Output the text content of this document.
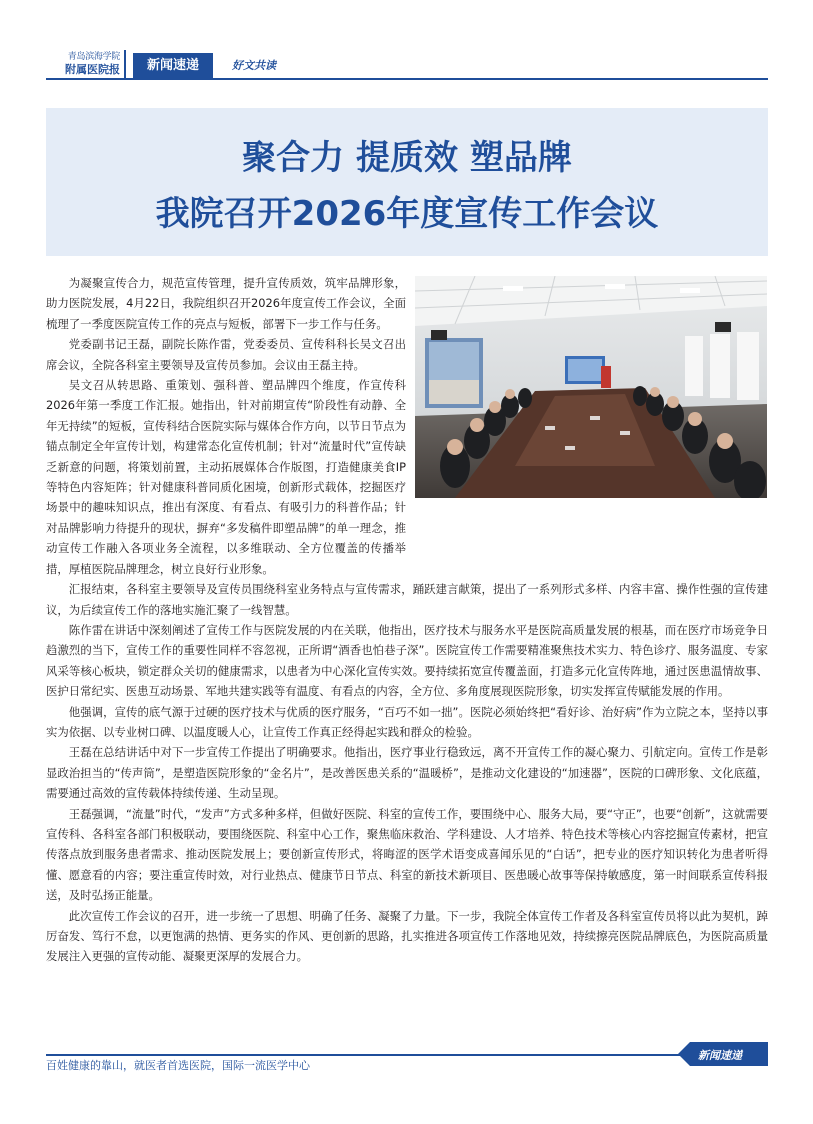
青岛滨海学院
附属医院报	新闻速递	好文共读
聚合力 提质效 塑品牌
我院召开2026年度宣传工作会议

为凝聚宣传合力，规范宣传管理，提升宣传质效，筑牢品牌形象，助力医院发展，4月22日，我院组织召开2026年度宣传工作会议，全面梳理了一季度医院宣传工作的亮点与短板，部署下一步工作与任务。

党委副书记王磊，副院长陈作雷，党委委员、宣传科科长吴文召出席会议，全院各科室主要领导及宣传员参加。会议由王磊主持。

吴文召从转思路、重策划、强科普、塑品牌四个维度，作宣传科2026年第一季度工作汇报。她指出，针对前期宣传“阶段性有动静、全年无持续”的短板，宣传科结合医院实际与媒体合作方向，以节日节点为锚点制定全年宣传计划，构建常态化宣传机制；针对“流量时代”宣传缺乏新意的问题，将策划前置，主动拓展媒体合作版图，打造健康美食IP等特色内容矩阵；针对健康科普同质化困境，创新形式载体，挖掘医疗场景中的趣味知识点，推出有深度、有看点、有吸引力的科普作品；针对品牌影响力待提升的现状，摒弃“多发稿件即塑品牌”的单一理念，推动宣传工作融入各项业务全流程，以多维联动、全方位覆盖的传播举措，厚植医院品牌理念，树立良好行业形象。

汇报结束，各科室主要领导及宣传员围绕科室业务特点与宣传需求，踊跃建言献策，提出了一系列形式多样、内容丰富、操作性强的宣传建议，为后续宣传工作的落地实施汇聚了一线智慧。

陈作雷在讲话中深刻阐述了宣传工作与医院发展的内在关联，他指出，医疗技术与服务水平是医院高质量发展的根基，而在医疗市场竞争日趋激烈的当下，宣传工作的重要性同样不容忽视，正所谓“酒香也怕巷子深”。医院宣传工作需要精准聚焦技术实力、特色诊疗、服务温度、专家风采等核心板块，锁定群众关切的健康需求，以患者为中心深化宣传实效。要持续拓宽宣传覆盖面，打造多元化宣传阵地，通过医患温情故事、医护日常纪实、医患互动场景、军地共建实践等有温度、有看点的内容，全方位、多角度展现医院形象，切实发挥宣传赋能发展的作用。

他强调，宣传的底气源于过硬的医疗技术与优质的医疗服务，“百巧不如一拙”。医院必须始终把“看好诊、治好病”作为立院之本，坚持以事实为依据、以专业树口碑、以温度暖人心，让宣传工作真正经得起实践和群众的检验。

王磊在总结讲话中对下一步宣传工作提出了明确要求。他指出，医疗事业行稳致远，离不开宣传工作的凝心聚力、引航定向。宣传工作是彰显政治担当的“传声筒”，是塑造医院形象的“金名片”，是改善医患关系的“温暖桥”，是推动文化建设的“加速器”，医院的口碑形象、文化底蕴，需要通过高效的宣传载体持续传递、生动呈现。

王磊强调，“流量”时代，“发声”方式多种多样，但做好医院、科室的宣传工作，要围绕中心、服务大局，要“守正”，也要“创新”，这就需要宣传科、各科室各部门积极联动，要围绕医院、科室中心工作，聚焦临床救治、学科建设、人才培养、特色技术等核心内容挖掘宣传素材，把宣传落点放到服务患者需求、推动医院发展上；要创新宣传形式，将晦涩的医学术语变成喜闻乐见的“白话”，把专业的医疗知识转化为患者听得懂、愿意看的内容；要注重宣传时效，对行业热点、健康节日节点、科室的新技术新项目、医患暖心故事等保持敏感度，第一时间联系宣传科报送，及时弘扬正能量。

此次宣传工作会议的召开，进一步统一了思想、明确了任务、凝聚了力量。下一步，我院全体宣传工作者及各科室宣传员将以此为契机，踔厉奋发、笃行不怠，以更饱满的热情、更务实的作风、更创新的思路，扎实推进各项宣传工作落地见效，持续擦亮医院品牌底色，为医院高质量发展注入更强的宣传动能、凝聚更深厚的发展合力。

百姓健康的靠山，就医者首选医院，国际一流医学中心
新闻速递
